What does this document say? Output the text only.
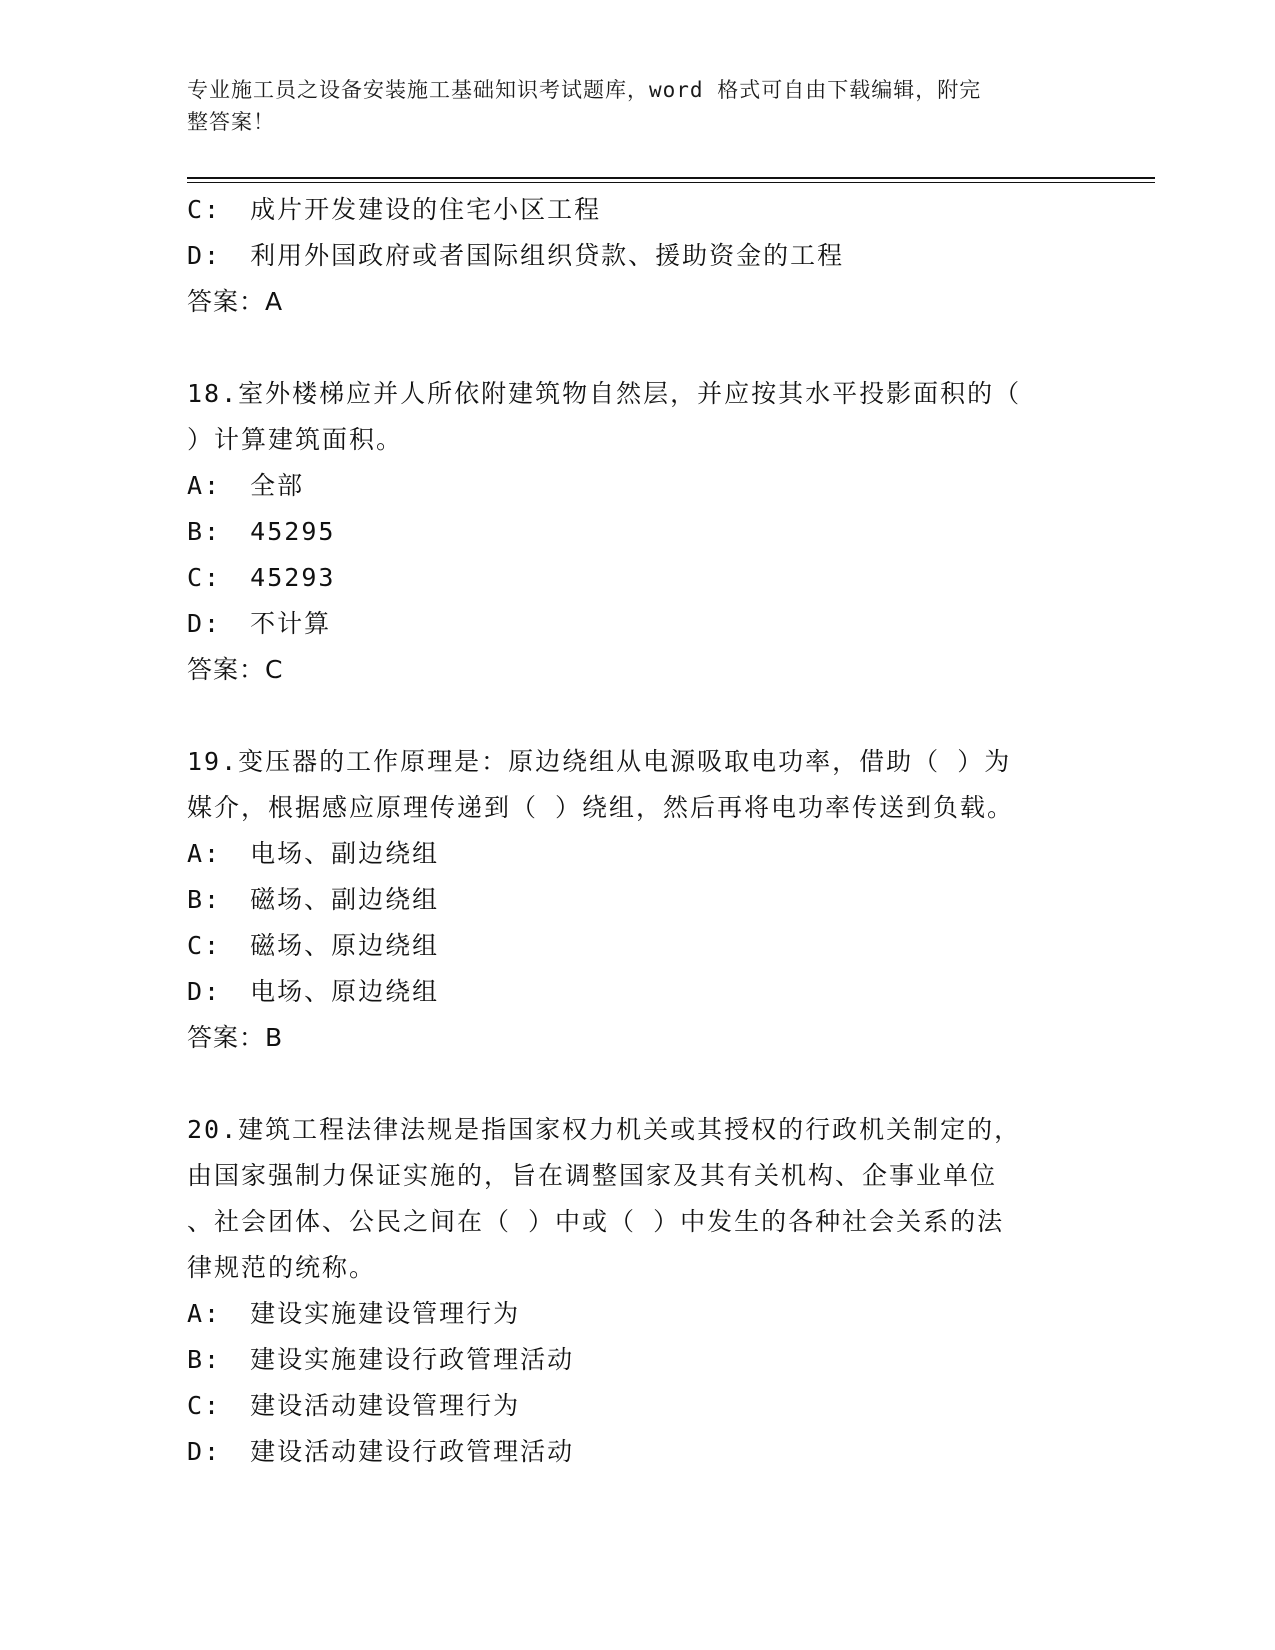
专业施工员之设备安装施工基础知识考试题库，word 格式可自由下载编辑，附完
整答案！
C: 成片开发建设的住宅小区工程
D: 利用外国政府或者国际组织贷款、援助资金的工程
答案：A
18.室外楼梯应并人所依附建筑物自然层，并应按其水平投影面积的（
）计算建筑面积。
A: 全部
B: 45295
C: 45293
D: 不计算
答案：C
19.变压器的工作原理是：原边绕组从电源吸取电功率，借助（ ）为
媒介，根据感应原理传递到（ ）绕组，然后再将电功率传送到负载。
A: 电场、副边绕组
B: 磁场、副边绕组
C: 磁场、原边绕组
D: 电场、原边绕组
答案：B
20.建筑工程法律法规是指国家权力机关或其授权的行政机关制定的，
由国家强制力保证实施的，旨在调整国家及其有关机构、企事业单位
、社会团体、公民之间在（ ）中或（ ）中发生的各种社会关系的法
律规范的统称。
A: 建设实施建设管理行为
B: 建设实施建设行政管理活动
C: 建设活动建设管理行为
D: 建设活动建设行政管理活动
